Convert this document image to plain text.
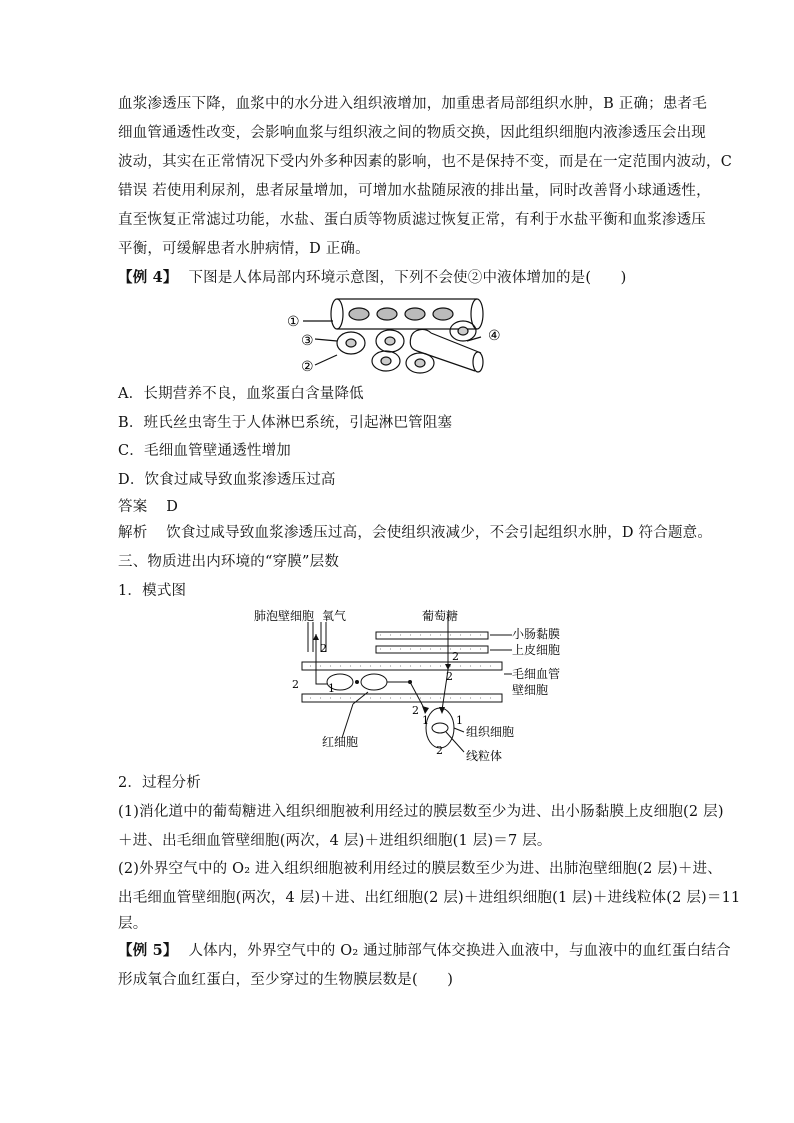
血浆渗透压下降，血浆中的水分进入组织液增加，加重患者局部组织水肿，B 正确；患者毛
细血管通透性改变，会影响血浆与组织液之间的物质交换，因此组织细胞内液渗透压会出现
波动，其实在正常情况下受内外多种因素的影响，也不是保持不变，而是在一定范围内波动，C
错误 若使用利尿剂，患者尿量增加，可增加水盐随尿液的排出量，同时改善肾小球通透性，
直至恢复正常滤过功能，水盐、蛋白质等物质滤过恢复正常，有利于水盐平衡和血浆渗透压
平衡，可缓解患者水肿病情，D 正确。
【例 4】 下图是人体局部内环境示意图，下列不会使②中液体增加的是(　　)
①
③
②
④
A．长期营养不良，血浆蛋白含量降低
B．班氏丝虫寄生于人体淋巴系统，引起淋巴管阻塞
C．毛细血管壁通透性增加
D．饮食过咸导致血浆渗透压过高
答案 D
解析 饮食过咸导致血浆渗透压过高，会使组织液减少，不会引起组织水肿，D 符合题意。
三、物质进出内环境的“穿膜”层数
1．模式图
肺泡壁细胞 氧气	葡萄糖
小肠黏膜
上皮细胞
毛细血管
壁细胞
红细胞
组织细胞
线粒体
2
2	1
2
2
2
1 1
2
2．过程分析
(1)消化道中的葡萄糖进入组织细胞被利用经过的膜层数至少为进、出小肠黏膜上皮细胞(2 层)
＋进、出毛细血管壁细胞(两次，4 层)＋进组织细胞(1 层)＝7 层。
(2)外界空气中的 O₂ 进入组织细胞被利用经过的膜层数至少为进、出肺泡壁细胞(2 层)＋进、
出毛细血管壁细胞(两次，4 层)＋进、出红细胞(2 层)＋进组织细胞(1 层)＋进线粒体(2 层)＝11
层。
【例 5】 人体内，外界空气中的 O₂ 通过肺部气体交换进入血液中，与血液中的血红蛋白结合
形成氧合血红蛋白，至少穿过的生物膜层数是(　　)
